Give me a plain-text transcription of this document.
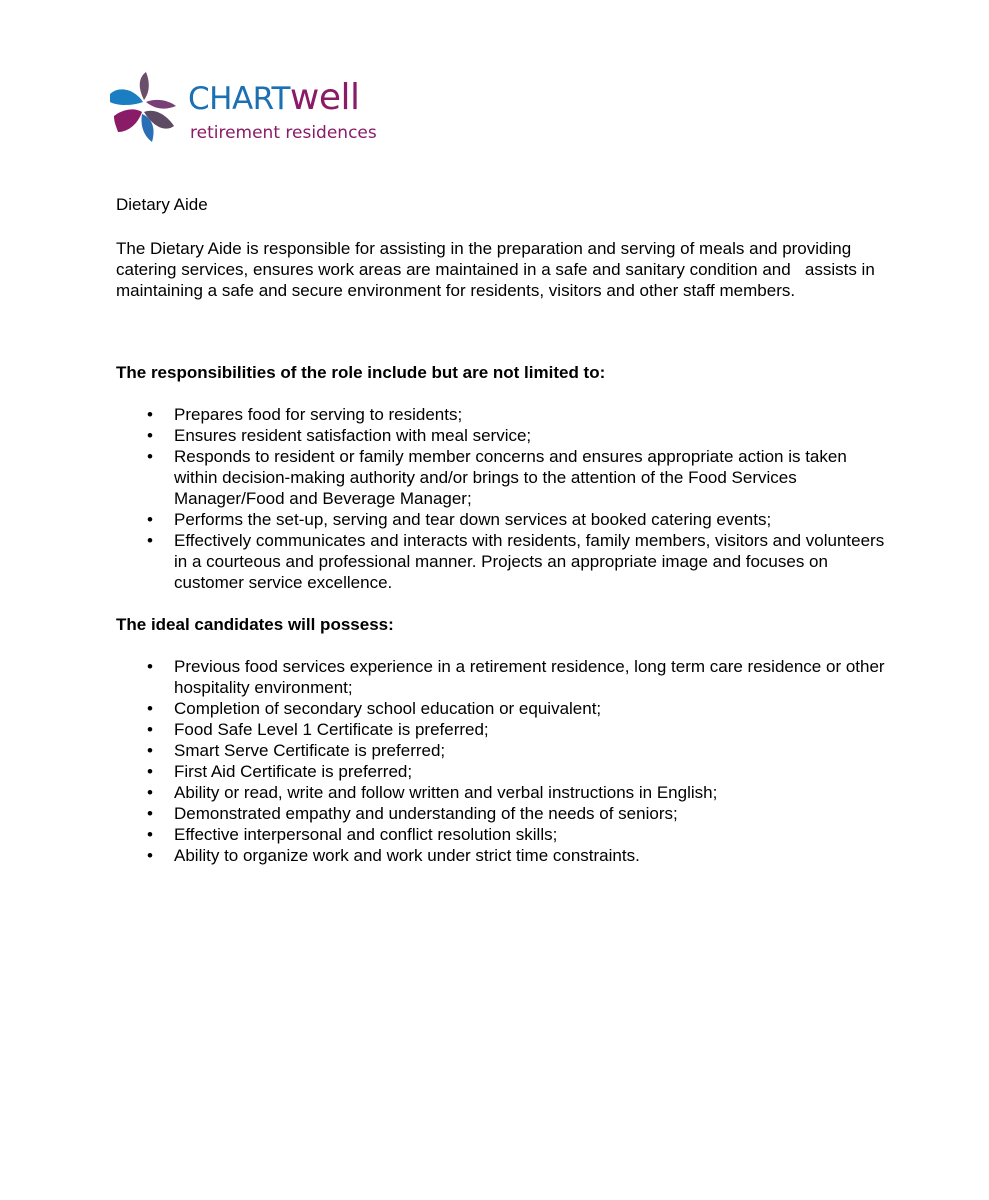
CHARTwell
retirement residences

Dietary Aide

The Dietary Aide is responsible for assisting in the preparation and serving of meals and providing catering services, ensures work areas are maintained in a safe and sanitary condition and   assists in maintaining a safe and secure environment for residents, visitors and other staff members.

The responsibilities of the role include but are not limited to:

• Prepares food for serving to residents;
• Ensures resident satisfaction with meal service;
• Responds to resident or family member concerns and ensures appropriate action is taken within decision-making authority and/or brings to the attention of the Food Services Manager/Food and Beverage Manager;
• Performs the set-up, serving and tear down services at booked catering events;
• Effectively communicates and interacts with residents, family members, visitors and volunteers in a courteous and professional manner. Projects an appropriate image and focuses on customer service excellence.

The ideal candidates will possess:

• Previous food services experience in a retirement residence, long term care residence or other hospitality environment;
• Completion of secondary school education or equivalent;
• Food Safe Level 1 Certificate is preferred;
• Smart Serve Certificate is preferred;
• First Aid Certificate is preferred;
• Ability or read, write and follow written and verbal instructions in English;
• Demonstrated empathy and understanding of the needs of seniors;
• Effective interpersonal and conflict resolution skills;
• Ability to organize work and work under strict time constraints.
